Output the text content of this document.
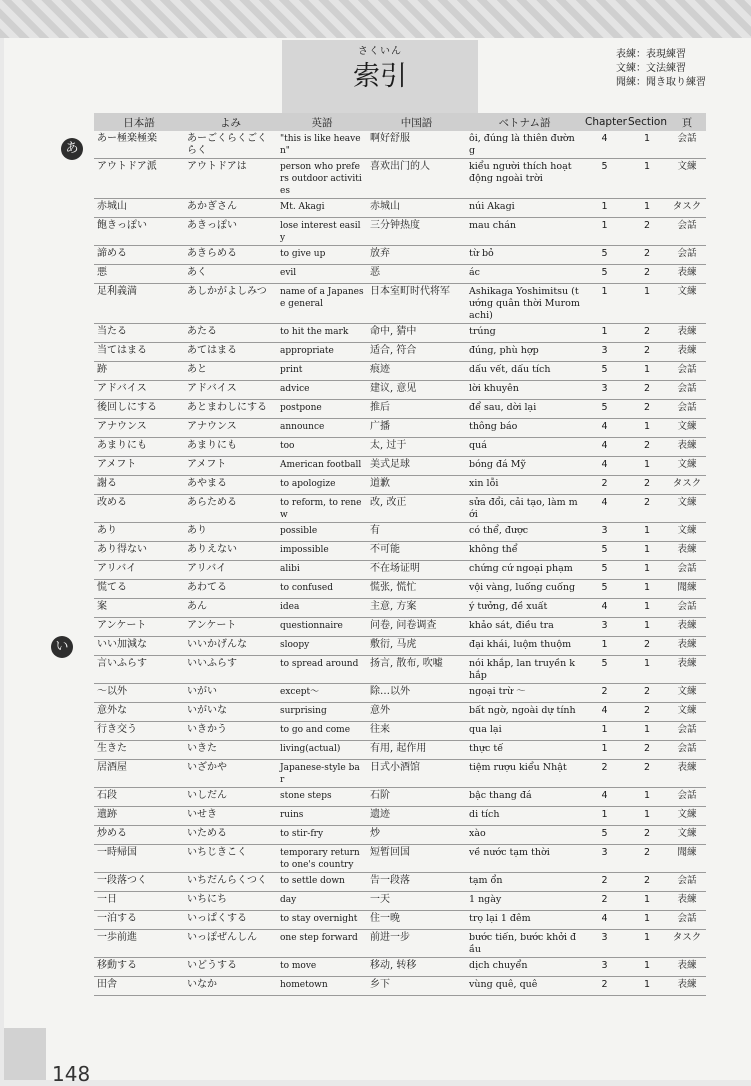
さくいん
索引
表練：表現練習
文練：文法練習
聞練：聞き取り練習
あ
い
日本語	よみ	英語	中国語	ベトナム語	Chapter	Section	頁
あー極楽極楽	あーごくらくごくらく	"this is like heaven"	啊好舒服	ôi, đúng là thiên đường	4	1	会話
アウトドア派	アウトドアは	person who prefers outdoor activities	喜欢出门的人	kiểu người thích hoạt động ngoài trời	5	1	文練
赤城山	あかぎさん	Mt. Akagi	赤城山	núi Akagi	1	1	タスク
飽きっぽい	あきっぽい	lose interest easily	三分钟热度	mau chán	1	2	会話
諦める	あきらめる	to give up	放弃	từ bỏ	5	2	会話
悪	あく	evil	恶	ác	5	2	表練
足利義満	あしかがよしみつ	name of a Japanese general	日本室町时代将军	Ashikaga Yoshimitsu (tướng quân thời Muromachi)	1	1	文練
当たる	あたる	to hit the mark	命中, 猜中	trúng	1	2	表練
当てはまる	あてはまる	appropriate	适合, 符合	đúng, phù hợp	3	2	表練
跡	あと	print	痕迹	dấu vết, dấu tích	5	1	会話
アドバイス	アドバイス	advice	建议, 意见	lời khuyên	3	2	会話
後回しにする	あとまわしにする	postpone	推后	để sau, dời lại	5	2	会話
アナウンス	アナウンス	announce	广播	thông báo	4	1	文練
あまりにも	あまりにも	too	太, 过于	quá	4	2	表練
アメフト	アメフト	American football	美式足球	bóng đá Mỹ	4	1	文練
謝る	あやまる	to apologize	道歉	xin lỗi	2	2	タスク
改める	あらためる	to reform, to renew	改, 改正	sửa đổi, cải tạo, làm mới	4	2	文練
あり	あり	possible	有	có thể, được	3	1	文練
あり得ない	ありえない	impossible	不可能	không thể	5	1	表練
アリバイ	アリバイ	alibi	不在场证明	chứng cứ ngoại phạm	5	1	会話
慌てる	あわてる	to confused	慌张, 慌忙	vội vàng, luống cuống	5	1	聞練
案	あん	idea	主意, 方案	ý tưởng, đề xuất	4	1	会話
アンケート	アンケート	questionnaire	问卷, 问卷调查	khảo sát, điều tra	3	1	表練
いい加減な	いいかげんな	sloopy	敷衍, 马虎	đại khái, luộm thuộm	1	2	表練
言いふらす	いいふらす	to spread around	扬言, 散布, 吹嘘	nói khắp, lan truyền khắp	5	1	表練
～以外	いがい	except～	除…以外	ngoại trừ ～	2	2	文練
意外な	いがいな	surprising	意外	bất ngờ, ngoài dự tính	4	2	文練
行き交う	いきかう	to go and come	往来	qua lại	1	1	会話
生きた	いきた	living(actual)	有用, 起作用	thực tế	1	2	会話
居酒屋	いざかや	Japanese-style bar	日式小酒馆	tiệm rượu kiểu Nhật	2	2	表練
石段	いしだん	stone steps	石阶	bậc thang đá	4	1	会話
遺跡	いせき	ruins	遗迹	di tích	1	1	文練
炒める	いためる	to stir-fry	炒	xào	5	2	文練
一時帰国	いちじきこく	temporary return to one's country	短暂回国	về nước tạm thời	3	2	聞練
一段落つく	いちだんらくつく	to settle down	告一段落	tạm ổn	2	2	会話
一日	いちにち	day	一天	1 ngày	2	1	表練
一泊する	いっぱくする	to stay overnight	住一晚	trọ lại 1 đêm	4	1	会話
一歩前進	いっぽぜんしん	one step forward	前进一步	bước tiến, bước khởi đầu	3	1	タスク
移動する	いどうする	to move	移动, 转移	dịch chuyển	3	1	表練
田舎	いなか	hometown	乡下	vùng quê, quê	2	1	表練
148
